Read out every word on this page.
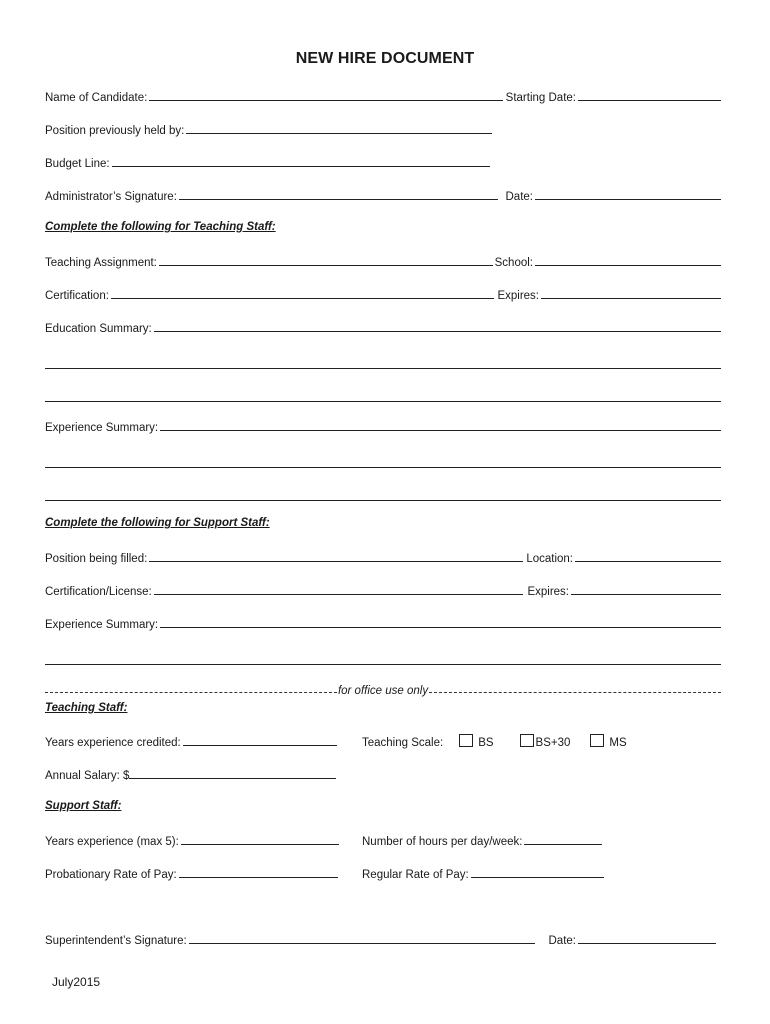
NEW HIRE DOCUMENT
Name of Candidate:	Starting Date:
Position previously held by:
Budget Line:
Administrator’s Signature:	Date:
Complete the following for Teaching Staff:
Teaching Assignment:	School:
Certification:	Expires:
Education Summary:
Experience Summary:
Complete the following for Support Staff:
Position being filled:	Location:
Certification/License:	Expires:
Experience Summary:
for office use only
Teaching Staff:
Years experience credited:	Teaching Scale:	BS	BS+30	MS
Annual Salary: $
Support Staff:
Years experience (max 5):	Number of hours per day/week:
Probationary Rate of Pay:	Regular Rate of Pay:
Superintendent’s Signature:	Date:
July2015
